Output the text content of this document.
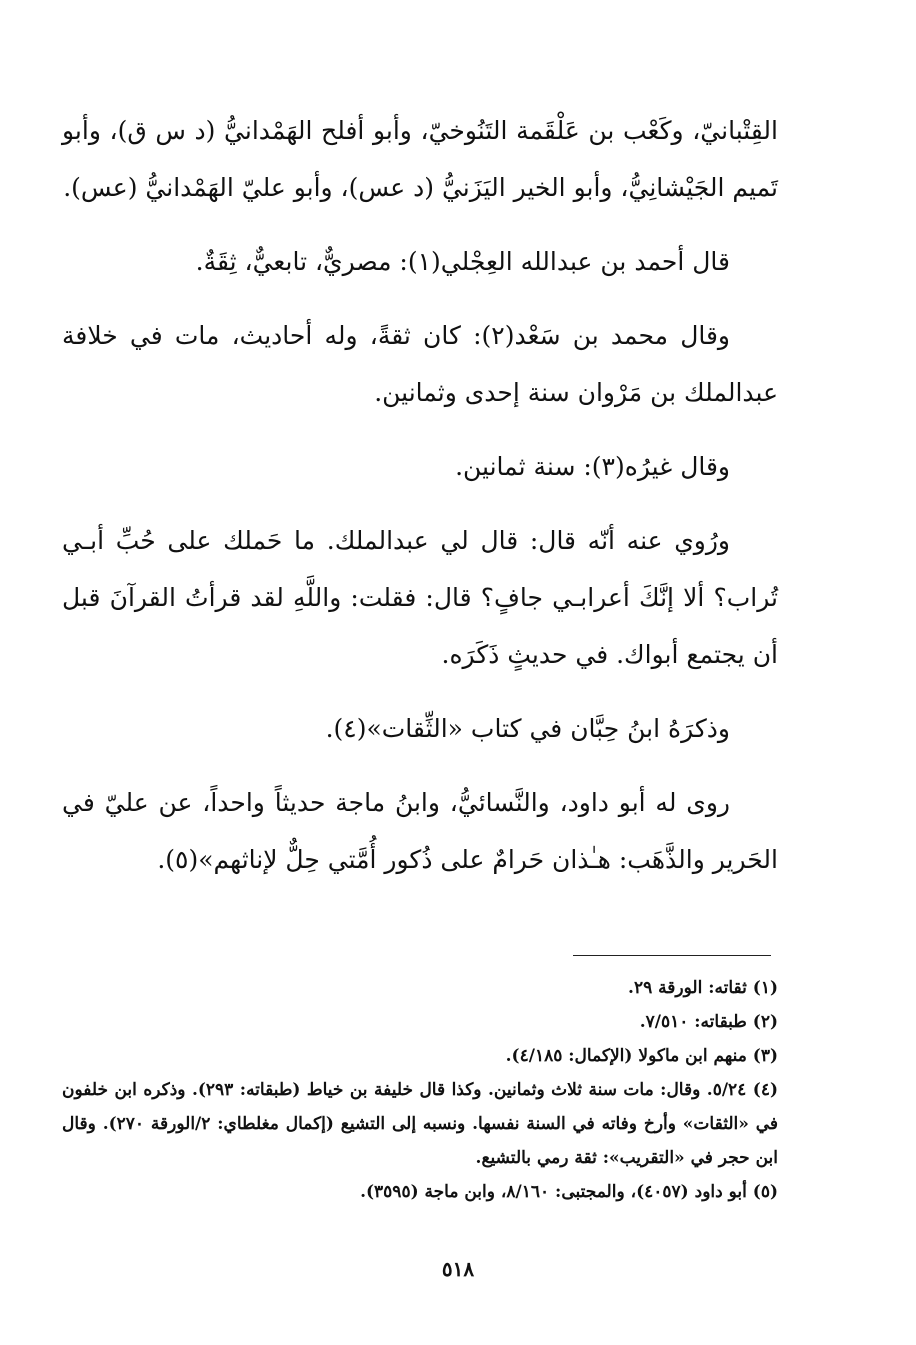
القِتْبانيّ، وكَعْب بن عَلْقَمة التَنُوخيّ، وأبو أفلح الهَمْدانيُّ (د س ق)، وأبو تَميم الجَيْشانِيُّ، وأبو الخير اليَزَنيُّ (د عس)، وأبو عليّ الهَمْدانيُّ (عس).

قال أحمد بن عبدالله العِجْلي(١): مصريٌّ، تابعيٌّ، ثِقَةٌ.

وقال محمد بن سَعْد(٢): كان ثقةً، وله أحاديث، مات في خلافة عبدالملك بن مَرْوان سنة إحدى وثمانين.

وقال غيرُه(٣): سنة ثمانين.

ورُوي عنه أنّه قال: قال لي عبدالملك. ما حَملك على حُبِّ أبـي تُراب؟ ألا إنَّكَ أعرابـي جافٍ؟ قال: فقلت: واللَّهِ لقد قرأتُ القرآنَ قبل أن يجتمع أبواك. في حديثٍ ذَكَرَه.

وذكرَهُ ابنُ حِبَّان في كتاب «الثِّقات»(٤).

روى له أبو داود، والنَّسائيُّ، وابنُ ماجة حديثاً واحداً، عن عليّ في الحَرير والذَّهَب: هـٰذان حَرامٌ على ذُكور أُمَّتي حِلٌّ لإناثهم»(٥).

(١) ثقاته: الورقة ٢٩.

(٢) طبقاته: ٧/٥١٠.

(٣) منهم ابن ماكولا (الإكمال: ٤/١٨٥).

(٤) ٥/٢٤. وقال: مات سنة ثلاث وثمانين. وكذا قال خليفة بن خياط (طبقاته: ٢٩٣). وذكره ابن خلفون في «الثقات» وأرخ وفاته في السنة نفسها. ونسبه إلى التشيع (إكمال مغلطاي: ٢/الورقة ٢٧٠). وقال ابن حجر في «التقريب»: ثقة رمي بالتشيع.

(٥) أبو داود (٤٠٥٧)، والمجتبى: ٨/١٦٠، وابن ماجة (٣٥٩٥).

٥١٨
